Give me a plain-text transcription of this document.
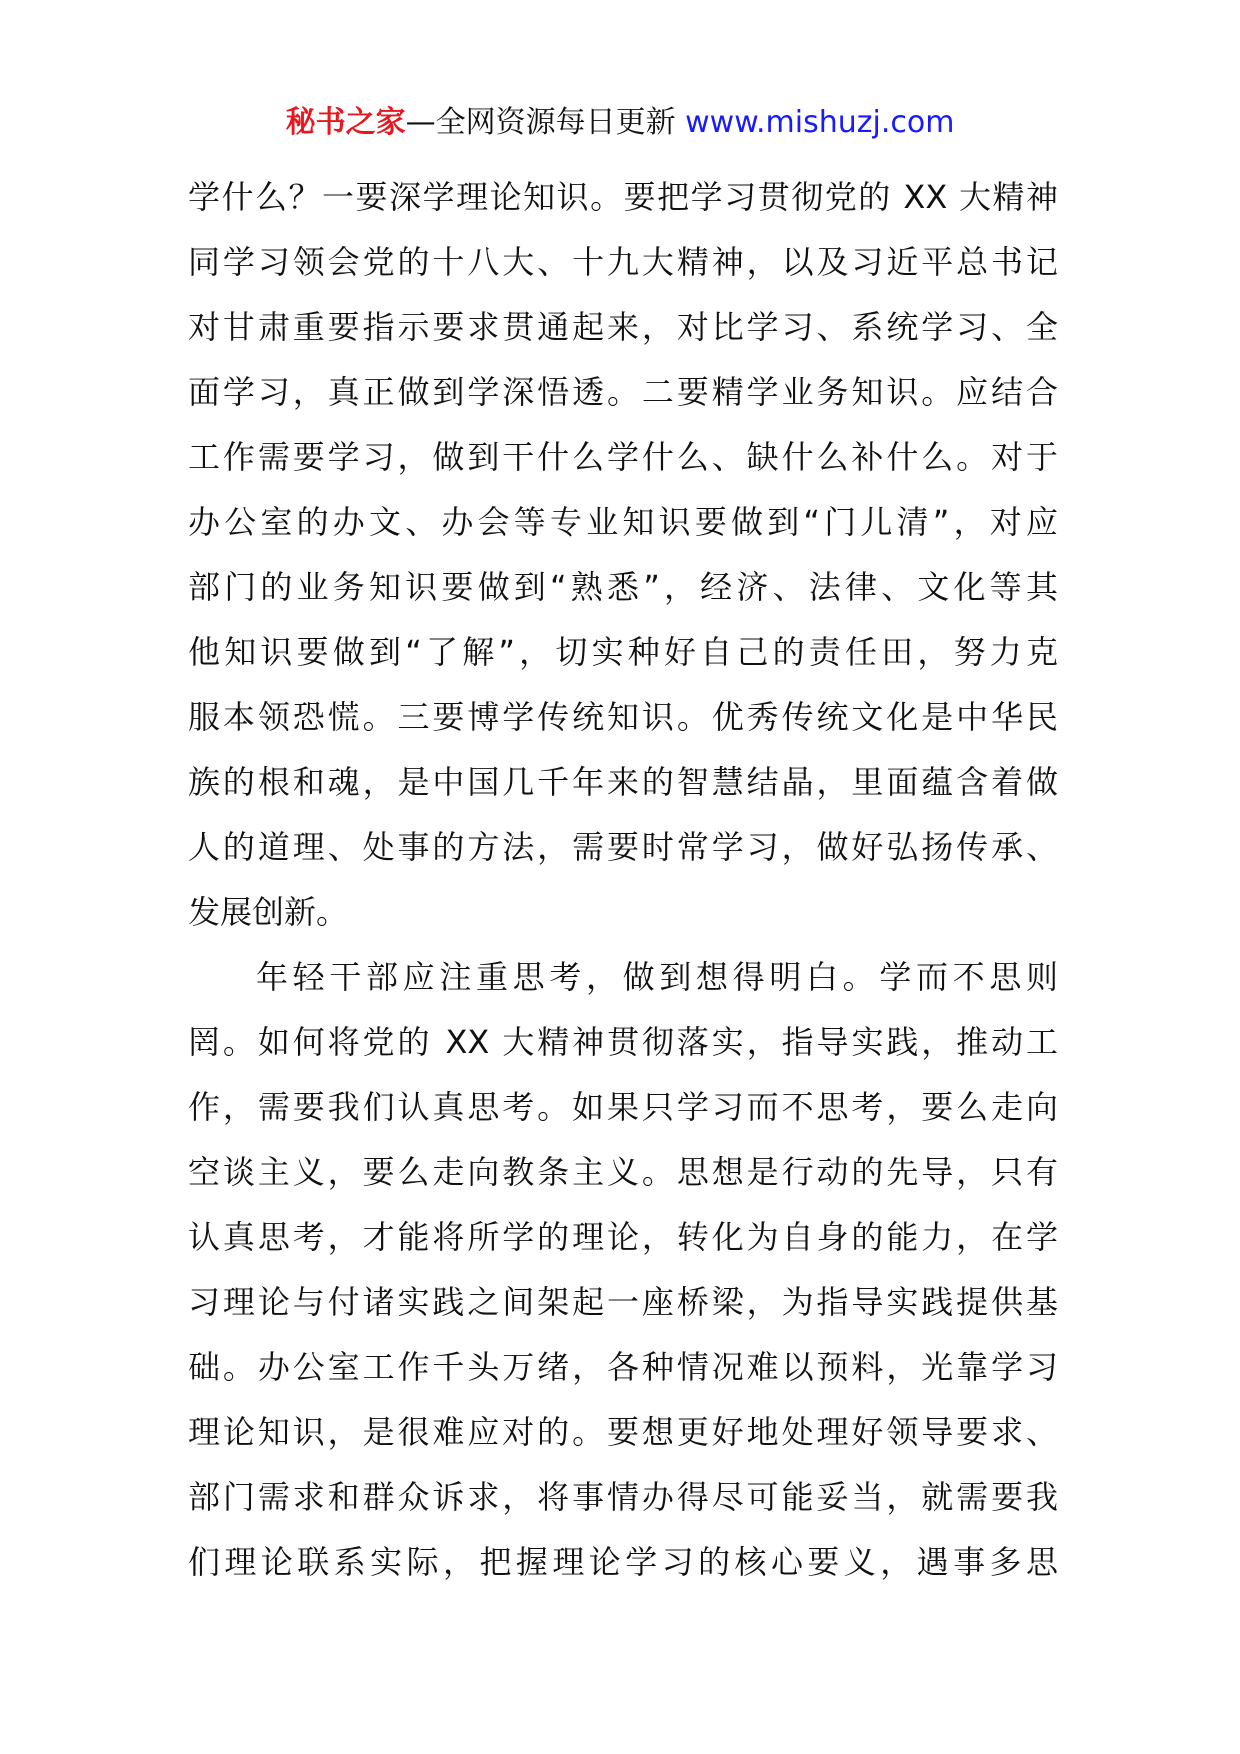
秘书之家—全网资源每日更新 www.mishuzj.com
学什么？一要深学理论知识。要把学习贯彻党的 XX 大精神
同学习领会党的十八大、十九大精神，以及习近平总书记
对甘肃重要指示要求贯通起来，对比学习、系统学习、全
面学习，真正做到学深悟透。二要精学业务知识。应结合
工作需要学习，做到干什么学什么、缺什么补什么。对于
办公室的办文、办会等专业知识要做到“门儿清”，对应
部门的业务知识要做到“熟悉”，经济、法律、文化等其
他知识要做到“了解”，切实种好自己的责任田，努力克
服本领恐慌。三要博学传统知识。优秀传统文化是中华民
族的根和魂，是中国几千年来的智慧结晶，里面蕴含着做
人的道理、处事的方法，需要时常学习，做好弘扬传承、
发展创新。
年轻干部应注重思考，做到想得明白。学而不思则
罔。如何将党的 XX 大精神贯彻落实，指导实践，推动工
作，需要我们认真思考。如果只学习而不思考，要么走向
空谈主义，要么走向教条主义。思想是行动的先导，只有
认真思考，才能将所学的理论，转化为自身的能力，在学
习理论与付诸实践之间架起一座桥梁，为指导实践提供基
础。办公室工作千头万绪，各种情况难以预料，光靠学习
理论知识，是很难应对的。要想更好地处理好领导要求、
部门需求和群众诉求，将事情办得尽可能妥当，就需要我
们理论联系实际，把握理论学习的核心要义，遇事多思
